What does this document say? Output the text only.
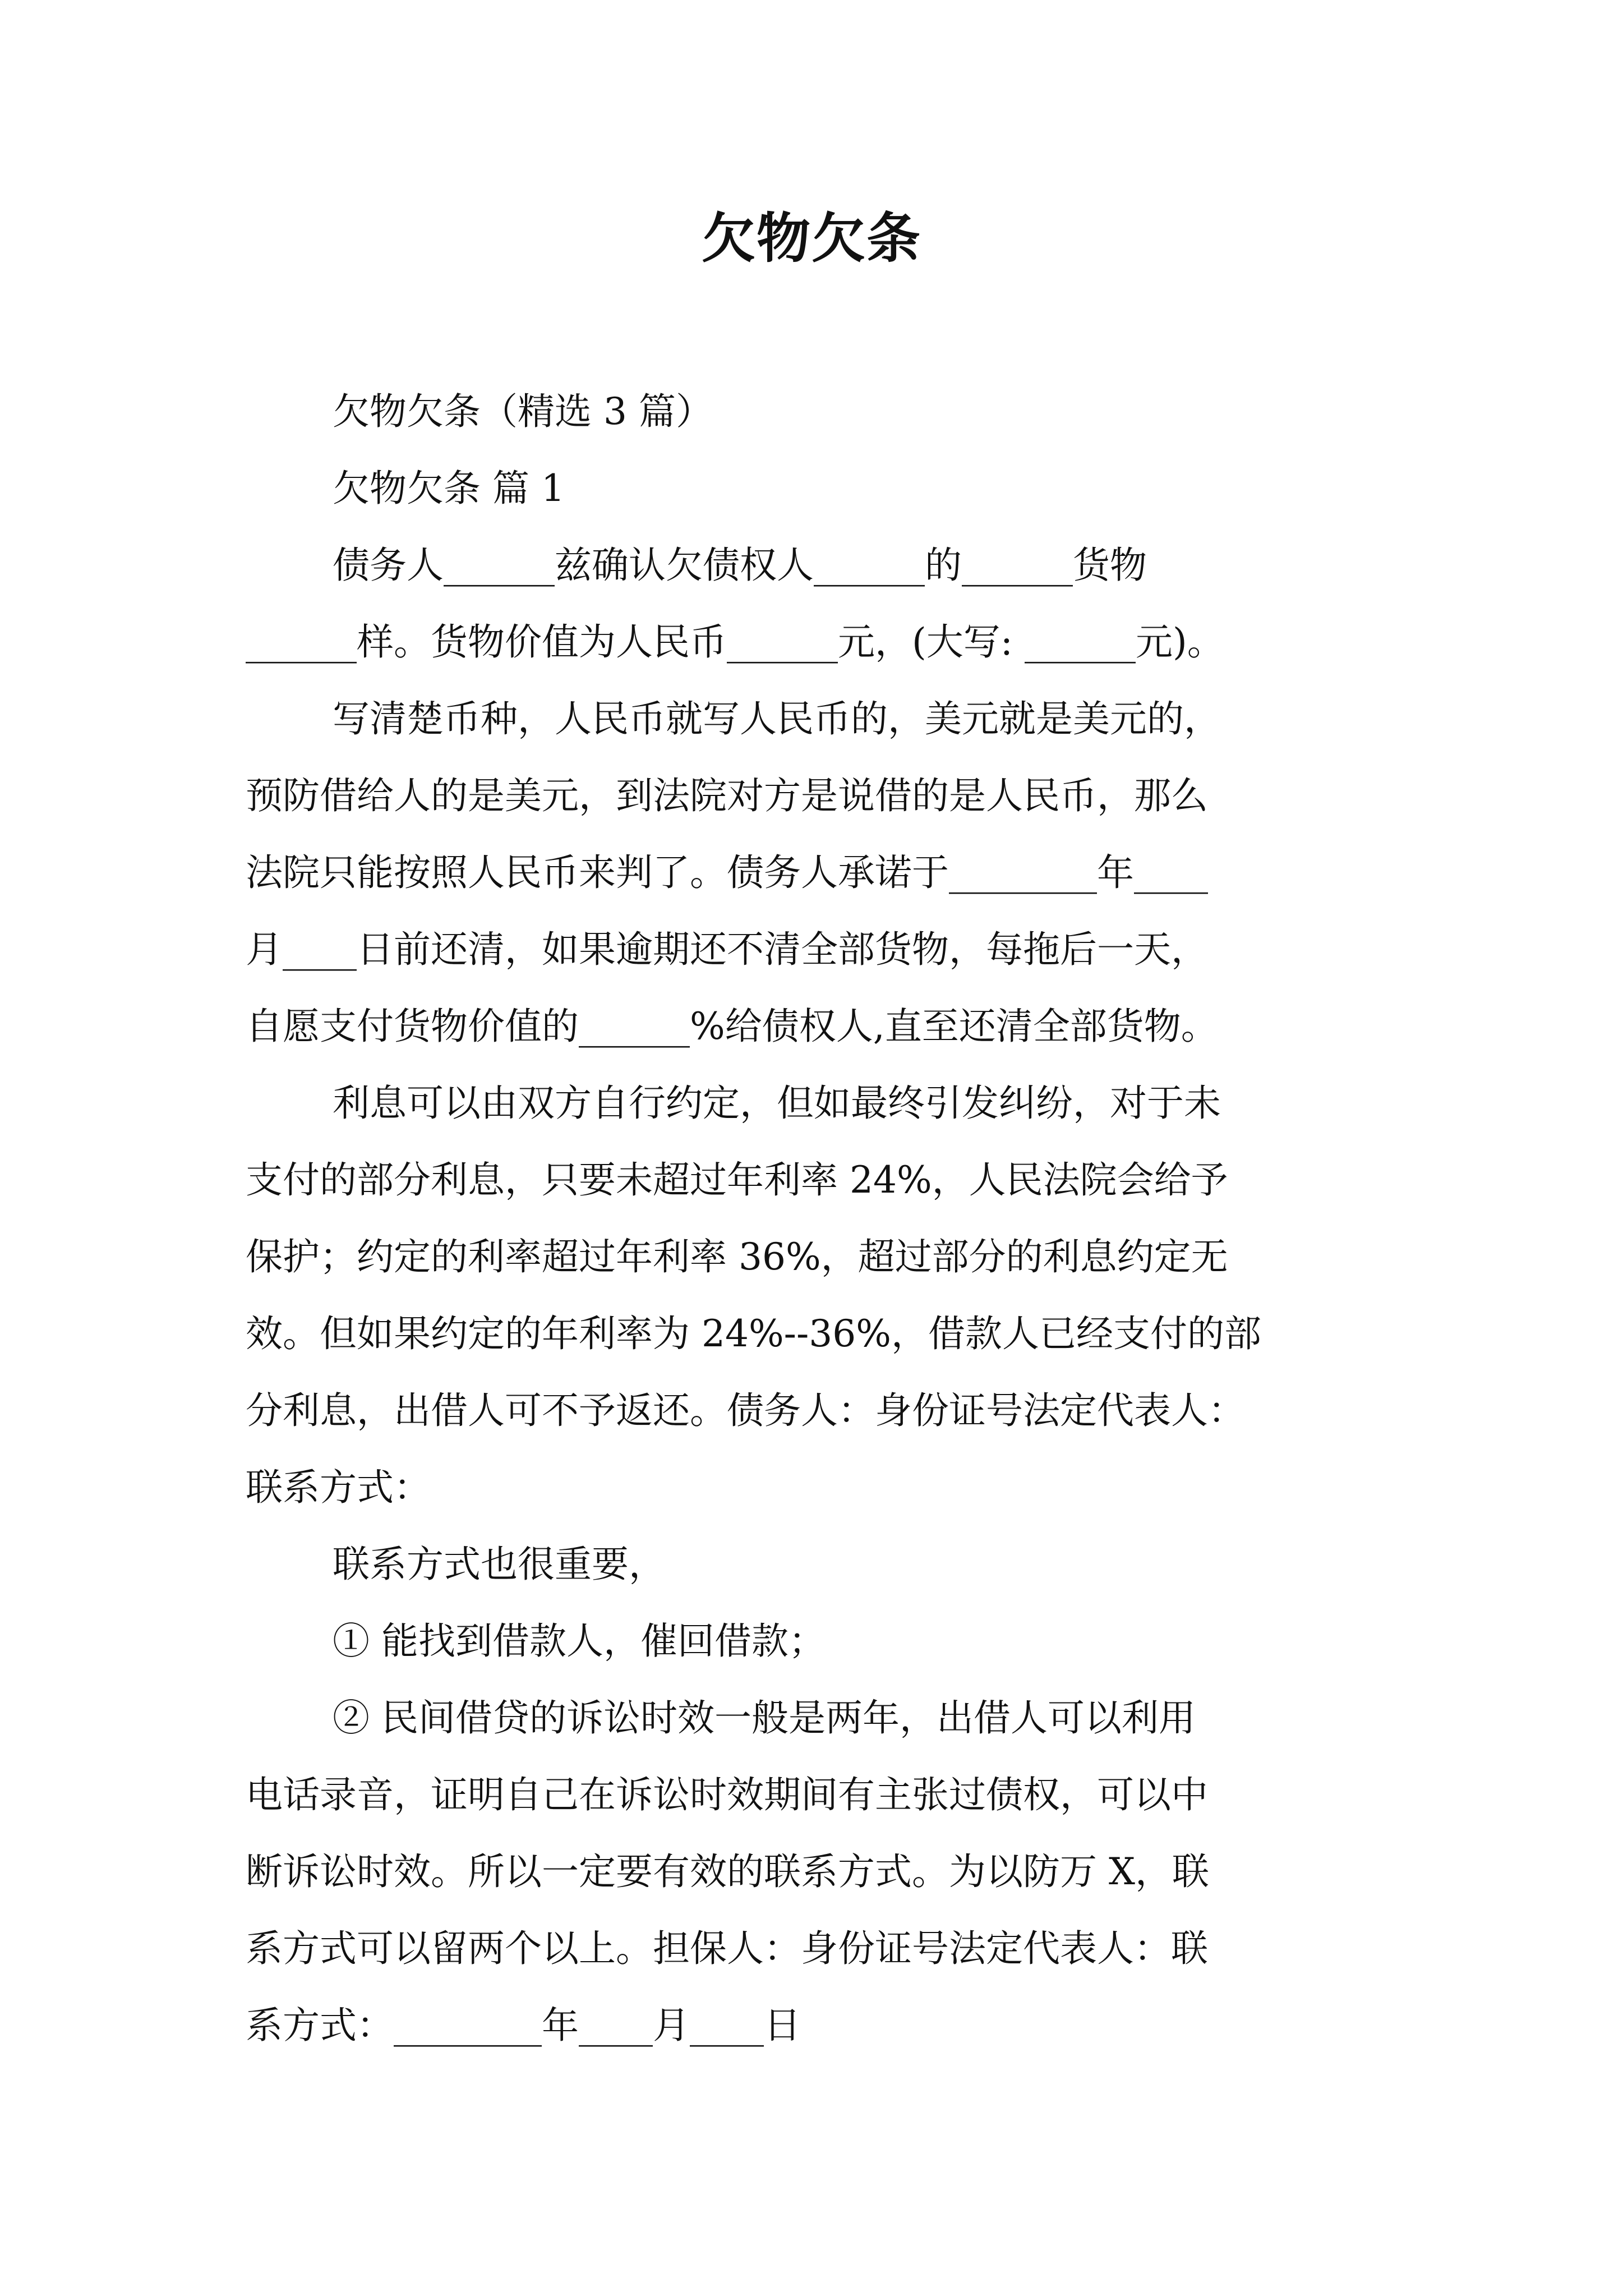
欠物欠条
欠物欠条（精选 3 篇）
欠物欠条 篇 1
债务人______兹确认欠债权人______的______货物
______样。货物价值为人民币______元，(大写: ______元)。
写清楚币种，人民币就写人民币的，美元就是美元的，
预防借给人的是美元，到法院对方是说借的是人民币，那么
法院只能按照人民币来判了。债务人承诺于________年____
月____日前还清，如果逾期还不清全部货物，每拖后一天，
自愿支付货物价值的______%给债权人,直至还清全部货物。
利息可以由双方自行约定，但如最终引发纠纷，对于未
支付的部分利息，只要未超过年利率 24%，人民法院会给予
保护；约定的利率超过年利率 36%，超过部分的利息约定无
效。但如果约定的年利率为 24%--36%，借款人已经支付的部
分利息，出借人可不予返还。债务人：身份证号法定代表人：
联系方式：
联系方式也很重要，
① 能找到借款人，催回借款；
② 民间借贷的诉讼时效一般是两年，出借人可以利用
电话录音，证明自己在诉讼时效期间有主张过债权，可以中
断诉讼时效。所以一定要有效的联系方式。为以防万 X，联
系方式可以留两个以上。担保人：身份证号法定代表人：联
系方式：________年____月____日
